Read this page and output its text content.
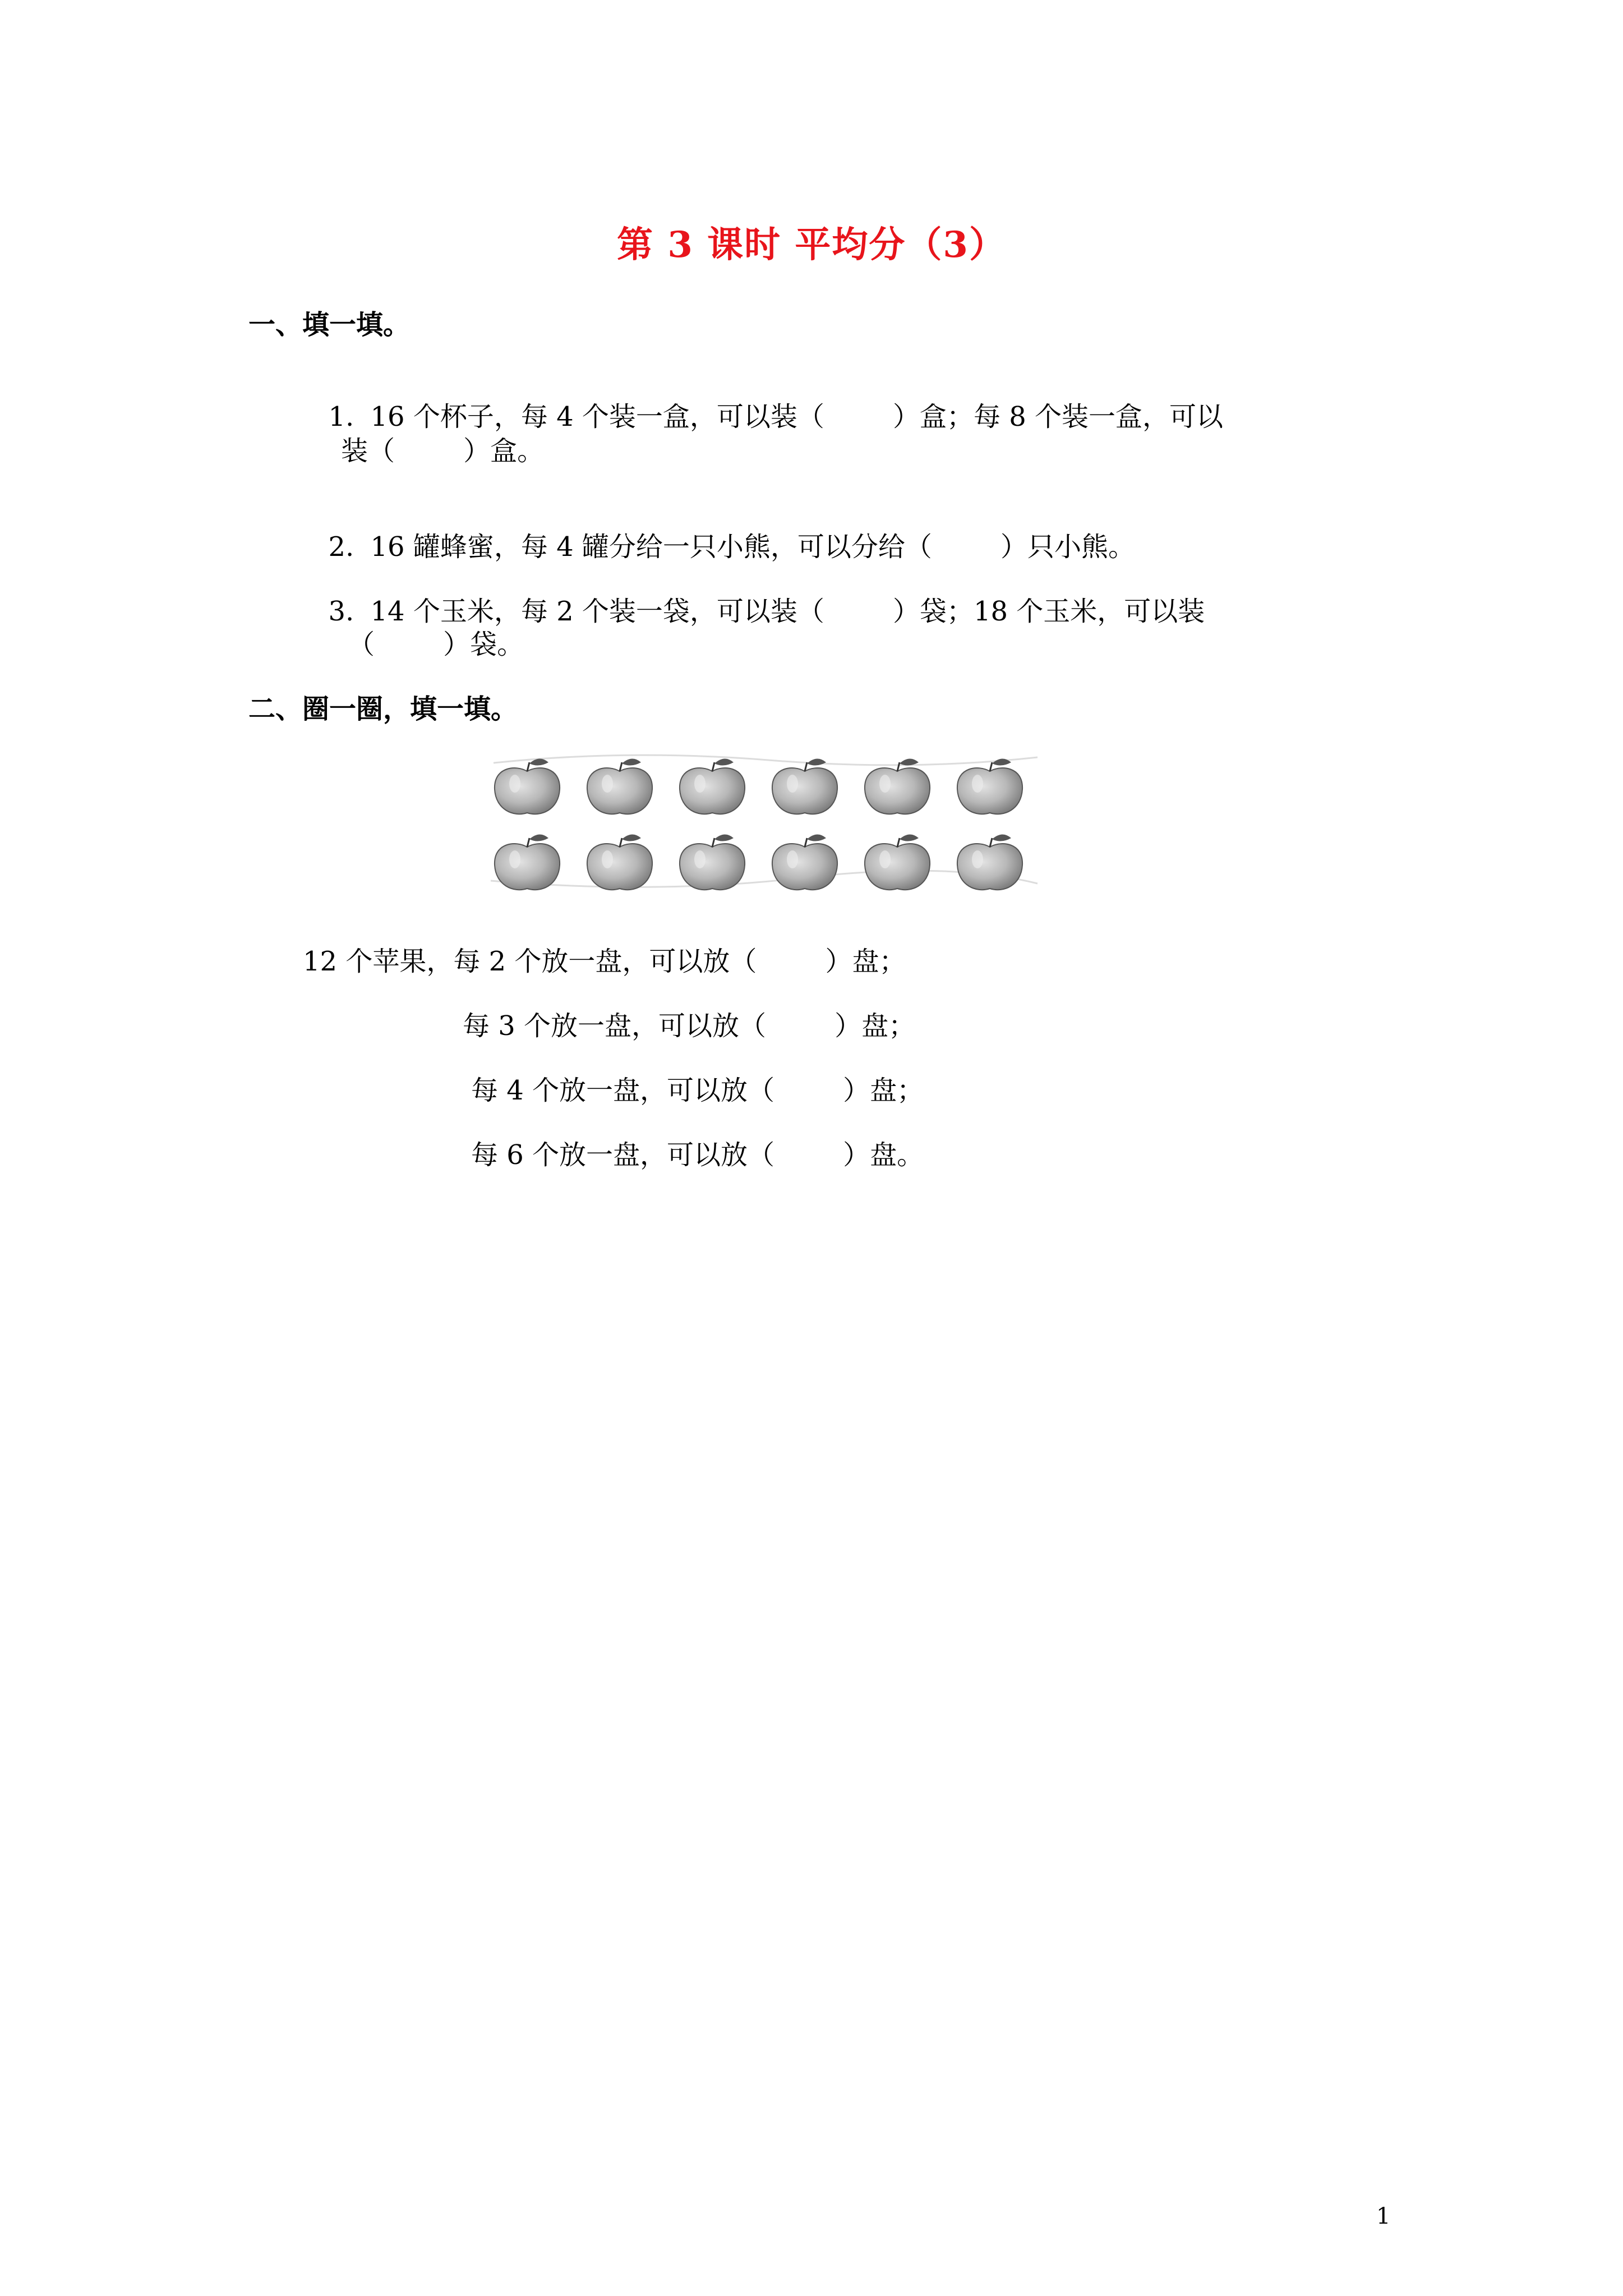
第 3 课时 平均分（3）
一、填一填。

1. 16 个杯子，每 4 个装一盒，可以装（        ）盒；每 8 个装一盒，可以

装（        ）盒。

2. 16 罐蜂蜜，每 4 罐分给一只小熊，可以分给（        ）只小熊。

3. 14 个玉米，每 2 个装一袋，可以装（        ）袋；18 个玉米，可以装

（        ）袋。
二、圈一圈，填一填。
12 个苹果，每 2 个放一盘，可以放（        ）盘；
每 3 个放一盘，可以放（        ）盘；
每 4 个放一盘，可以放（        ）盘；
每 6 个放一盘，可以放（        ）盘。
1
